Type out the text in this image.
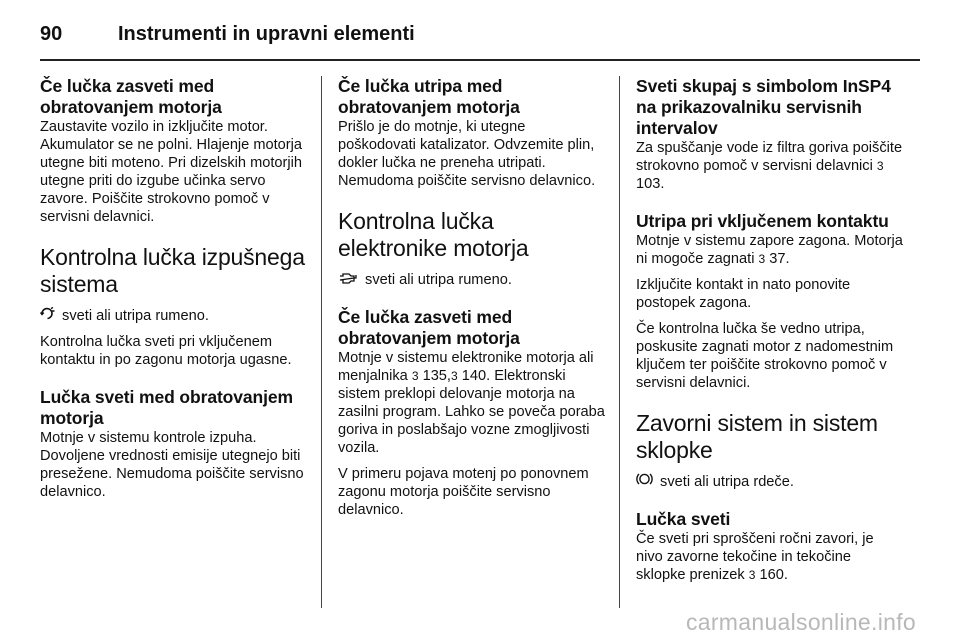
90	Instrumenti in upravni elementi
Če lučka zasveti med obratovanjem motorja

Zaustavite vozilo in izključite motor. Akumulator se ne polni. Hlajenje motorja utegne biti moteno. Pri dizelskih motorjih utegne priti do izgube učinka servo zavore. Poiščite strokovno pomoč v servisni delavnici.

Kontrolna lučka izpušnega sistema

sveti ali utripa rumeno.

Kontrolna lučka sveti pri vključenem kontaktu in po zagonu motorja ugasne.

Lučka sveti med obratovanjem motorja

Motnje v sistemu kontrole izpuha. Dovoljene vrednosti emisije utegnejo biti presežene. Nemudoma poiščite servisno delavnico.

Če lučka utripa med obratovanjem motorja

Prišlo je do motnje, ki utegne poškodovati katalizator. Odvzemite plin, dokler lučka ne preneha utripati. Nemudoma poiščite servisno delavnico.

Kontrolna lučka elektronike motorja

sveti ali utripa rumeno.

Če lučka zasveti med obratovanjem motorja

Motnje v sistemu elektronike motorja ali menjalnika 3 135,3 140. Elektronski sistem preklopi delovanje motorja na zasilni program. Lahko se poveča poraba goriva in poslabšajo vozne zmogljivosti vozila.

V primeru pojava motenj po ponovnem zagonu motorja poiščite servisno delavnico.

Sveti skupaj s simbolom InSP4 na prikazovalniku servisnih intervalov

Za spuščanje vode iz filtra goriva poiščite strokovno pomoč v servisni delavnici 3 103.

Utripa pri vključenem kontaktu

Motnje v sistemu zapore zagona. Motorja ni mogoče zagnati 3 37.

Izključite kontakt in nato ponovite postopek zagona.

Če kontrolna lučka še vedno utripa, poskusite zagnati motor z nadomestnim ključem ter poiščite strokovno pomoč v servisni delavnici.

Zavorni sistem in sistem sklopke

sveti ali utripa rdeče.

Lučka sveti

Če sveti pri sproščeni ročni zavori, je nivo zavorne tekočine in tekočine sklopke prenizek 3 160.

carmanualsonline.info
